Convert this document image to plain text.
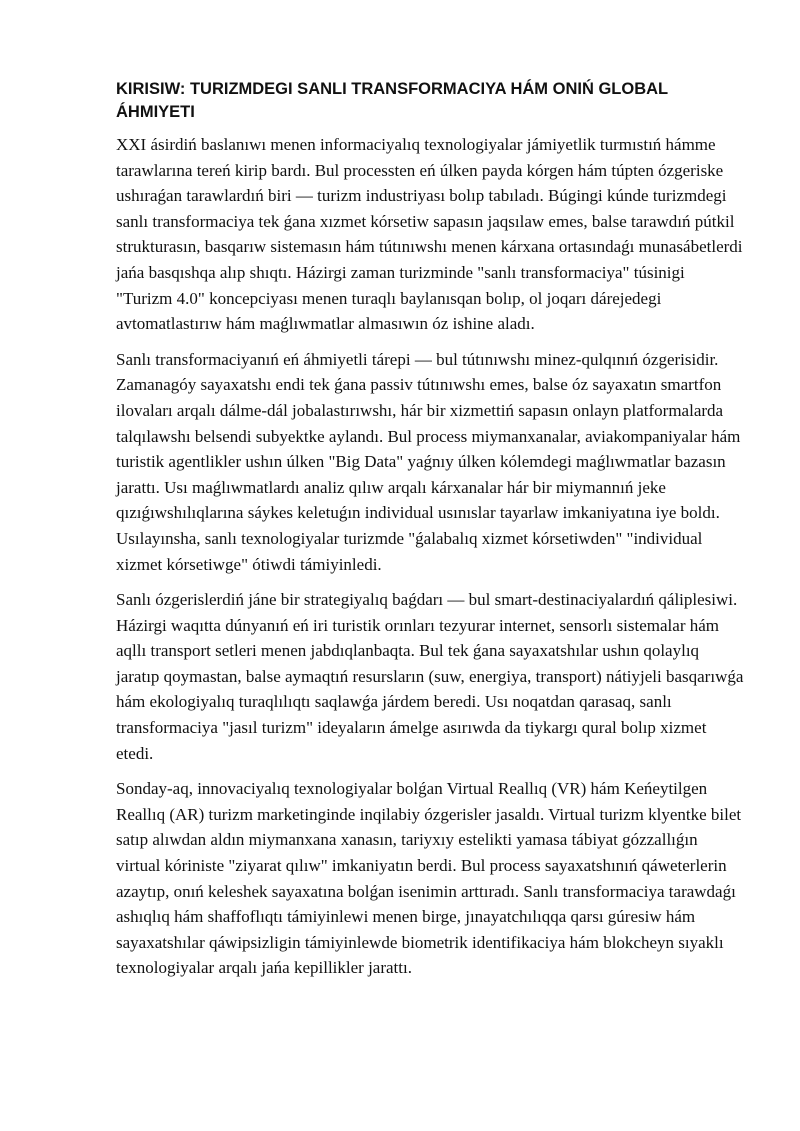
KIRISIW: TURIZMDEGI SANLI TRANSFORMACIYA HÁM ONIŃ GLOBAL ÁHMIYETI

XXI ásirdiń baslanıwı menen informaciyalıq texnologiyalar jámiyetlik turmıstıń hámme tarawlarına tereń kirip bardı. Bul processten eń úlken payda kórgen hám túpten ózgeriske ushıraǵan tarawlardıń biri — turizm industriyası bolıp tabıladı. Búgingi kúnde turizmdegi sanlı transformaciya tek ǵana xızmet kórsetiw sapasın jaqsılaw emes, balse tarawdıń pútkil strukturasın, basqarıw sistemasın hám tútınıwshı menen kárxana ortasındaǵı munasábetlerdi jańa basqıshqa alıp shıqtı. Házirgi zaman turizminde "sanlı transformaciya" túsinigi "Turizm 4.0" koncepciyası menen turaqlı baylanısqan bolıp, ol joqarı dárejedegi avtomatlastırıw hám maǵlıwmatlar almasıwın óz ishine aladı.

Sanlı transformaciyanıń eń áhmiyetli tárepi — bul tútınıwshı minez-qulqınıń ózgerisidir. Zamanagóy sayaxatshı endi tek ǵana passiv tútınıwshı emes, balse óz sayaxatın smartfon ilovaları arqalı dálme-dál jobalastırıwshı, hár bir xizmettiń sapasın onlayn platformalarda talqılawshı belsendi subyektke aylandı. Bul process miymanxanalar, aviakompaniyalar hám turistik agentlikler ushın úlken "Big Data" yaǵnıy úlken kólemdegi maǵlıwmatlar bazasın jarattı. Usı maǵlıwmatlardı analiz qılıw arqalı kárxanalar hár bir miymannıń jeke qızıǵıwshılıqlarına sáykes keletuǵın individual usınıslar tayarlaw imkaniyatına iye boldı. Usılayınsha, sanlı texnologiyalar turizmde "ǵalabalıq xizmet kórsetiwden" "individual xizmet kórsetiwge" ótiwdi támiyinledi.

Sanlı ózgerislerdiń jáne bir strategiyalıq baǵdarı — bul smart-destinaciyalardıń qáliplesiwi. Házirgi waqıtta dúnyanıń eń iri turistik orınları tezyurar internet, sensorlı sistemalar hám aqllı transport setleri menen jabdıqlanbaqta. Bul tek ǵana sayaxatshılar ushın qolaylıq jaratıp qoymastan, balse aymaqtıń resursların (suw, energiya, transport) nátiyjeli basqarıwǵa hám ekologiyalıq turaqlılıqtı saqlawǵa járdem beredi. Usı noqatdan qarasaq, sanlı transformaciya "jasıl turizm" ideyaların ámelge asırıwda da tiykargı qural bolıp xizmet etedi.

Sonday-aq, innovaciyalıq texnologiyalar bolǵan Virtual Reallıq (VR) hám Keńeytilgen Reallıq (AR) turizm marketinginde inqilabiy ózgerisler jasaldı. Virtual turizm klyentke bilet satıp alıwdan aldın miymanxana xanasın, tariyxıy estelikti yamasa tábiyat gózzallıǵın virtual kóriniste "ziyarat qılıw" imkaniyatın berdi. Bul process sayaxatshınıń qáweterlerin azaytıp, onıń keleshek sayaxatına bolǵan isenimin arttıradı. Sanlı transformaciya tarawdaǵı ashıqlıq hám shaffoflıqtı támiyinlewi menen birge, jınayatchılıqqa qarsı gúresiw hám sayaxatshılar qáwipsizligin támiyinlewde biometrik identifikaciya hám blokcheyn sıyaklı texnologiyalar arqalı jańa kepillikler jarattı.
